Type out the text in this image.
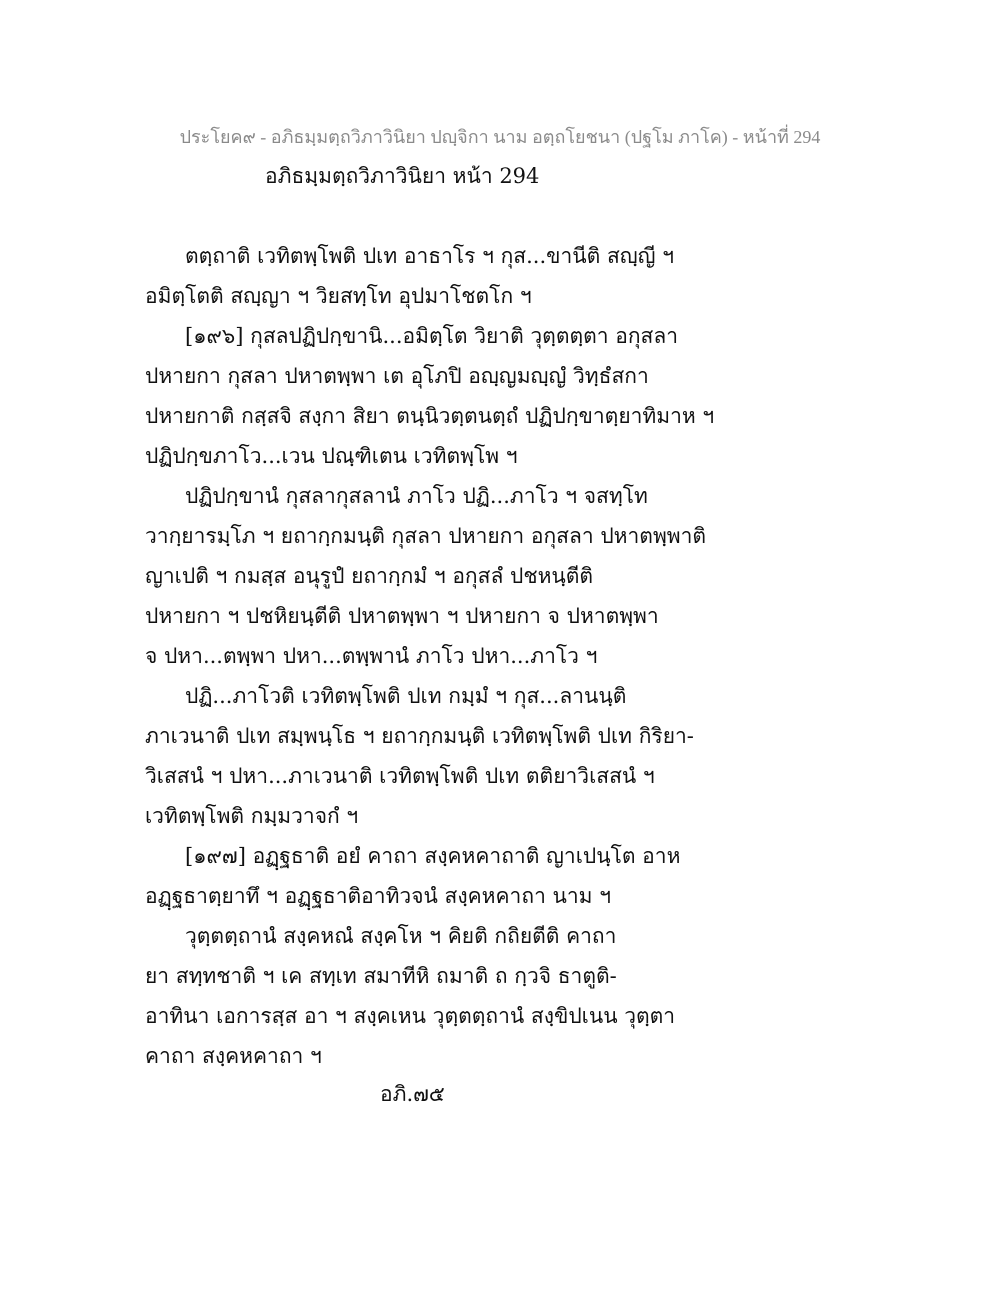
ประโยค๙ - อภิธมฺมตฺถวิภาวินิยา ปญฺจิกา นาม อตฺถโยชนา (ปฐโม ภาโค) - หน้าที่ 294
อภิธมฺมตฺถวิภาวินิยา หน้า 294
ตตฺถาติ เวทิตพฺโพติ ปเท อาธาโร ฯ กุส...ขานีติ สญฺญี ฯ
อมิตฺโตติ สญฺญา ฯ วิยสทฺโท อุปมาโชตโก ฯ
[๑๙๖] กุสลปฏิปกฺขานิ...อมิตฺโต วิยาติ วุตฺตตฺตา อกุสลา
ปหายกา กุสลา ปหาตพฺพา เต อุโภปิ อญฺญมญฺญํ วิทฺธํสกา
ปหายกาติ กสฺสจิ สงฺกา สิยา ตนฺนิวตฺตนตฺถํ ปฏิปกฺขาตฺยาทิมาห ฯ
ปฏิปกฺขภาโว...เวน ปณฺฑิเตน เวทิตพฺโพ ฯ
ปฏิปกฺขานํ กุสลากุสลานํ ภาโว ปฏิ...ภาโว ฯ จสทฺโท
วากฺยารมฺโภ ฯ ยถากฺกมนฺติ กุสลา ปหายกา อกุสลา ปหาตพฺพาติ
ญาเปติ ฯ กมสฺส อนุรูปํ ยถากฺกมํ ฯ อกุสลํ ปชหนฺตีติ
ปหายกา ฯ ปชหิยนฺตีติ ปหาตพฺพา ฯ ปหายกา จ ปหาตพฺพา
จ ปหา...ตพฺพา ปหา...ตพฺพานํ ภาโว ปหา...ภาโว ฯ
ปฏิ...ภาโวติ เวทิตพฺโพติ ปเท กมฺมํ ฯ กุส...ลานนฺติ
ภาเวนาติ ปเท สมฺพนฺโธ ฯ ยถากฺกมนฺติ เวทิตพฺโพติ ปเท กิริยา-
วิเสสนํ ฯ ปหา...ภาเวนาติ เวทิตพฺโพติ ปเท ตติยาวิเสสนํ ฯ
เวทิตพฺโพติ กมฺมวาจกํ ฯ
[๑๙๗] อฏฺฐธาติ อยํ คาถา สงฺคหคาถาติ ญาเปนฺโต อาห
อฏฺฐธาตฺยาทึ ฯ อฏฺฐธาติอาทิวจนํ สงฺคหคาถา นาม ฯ
วุตฺตตฺถานํ สงฺคหณํ สงฺคโห ฯ คิยติ กถิยตีติ คาถา
ยา สทฺทชาติ ฯ เค สทฺเท สมาทีหิ ถมาติ ถ กฺวจิ ธาตูติ-
อาทินา เอการสฺส อา ฯ สงฺคเหน วุตฺตตฺถานํ สงฺขิปเนน วุตฺตา
คาถา สงฺคหคาถา ฯ
อภิ.๗๕
